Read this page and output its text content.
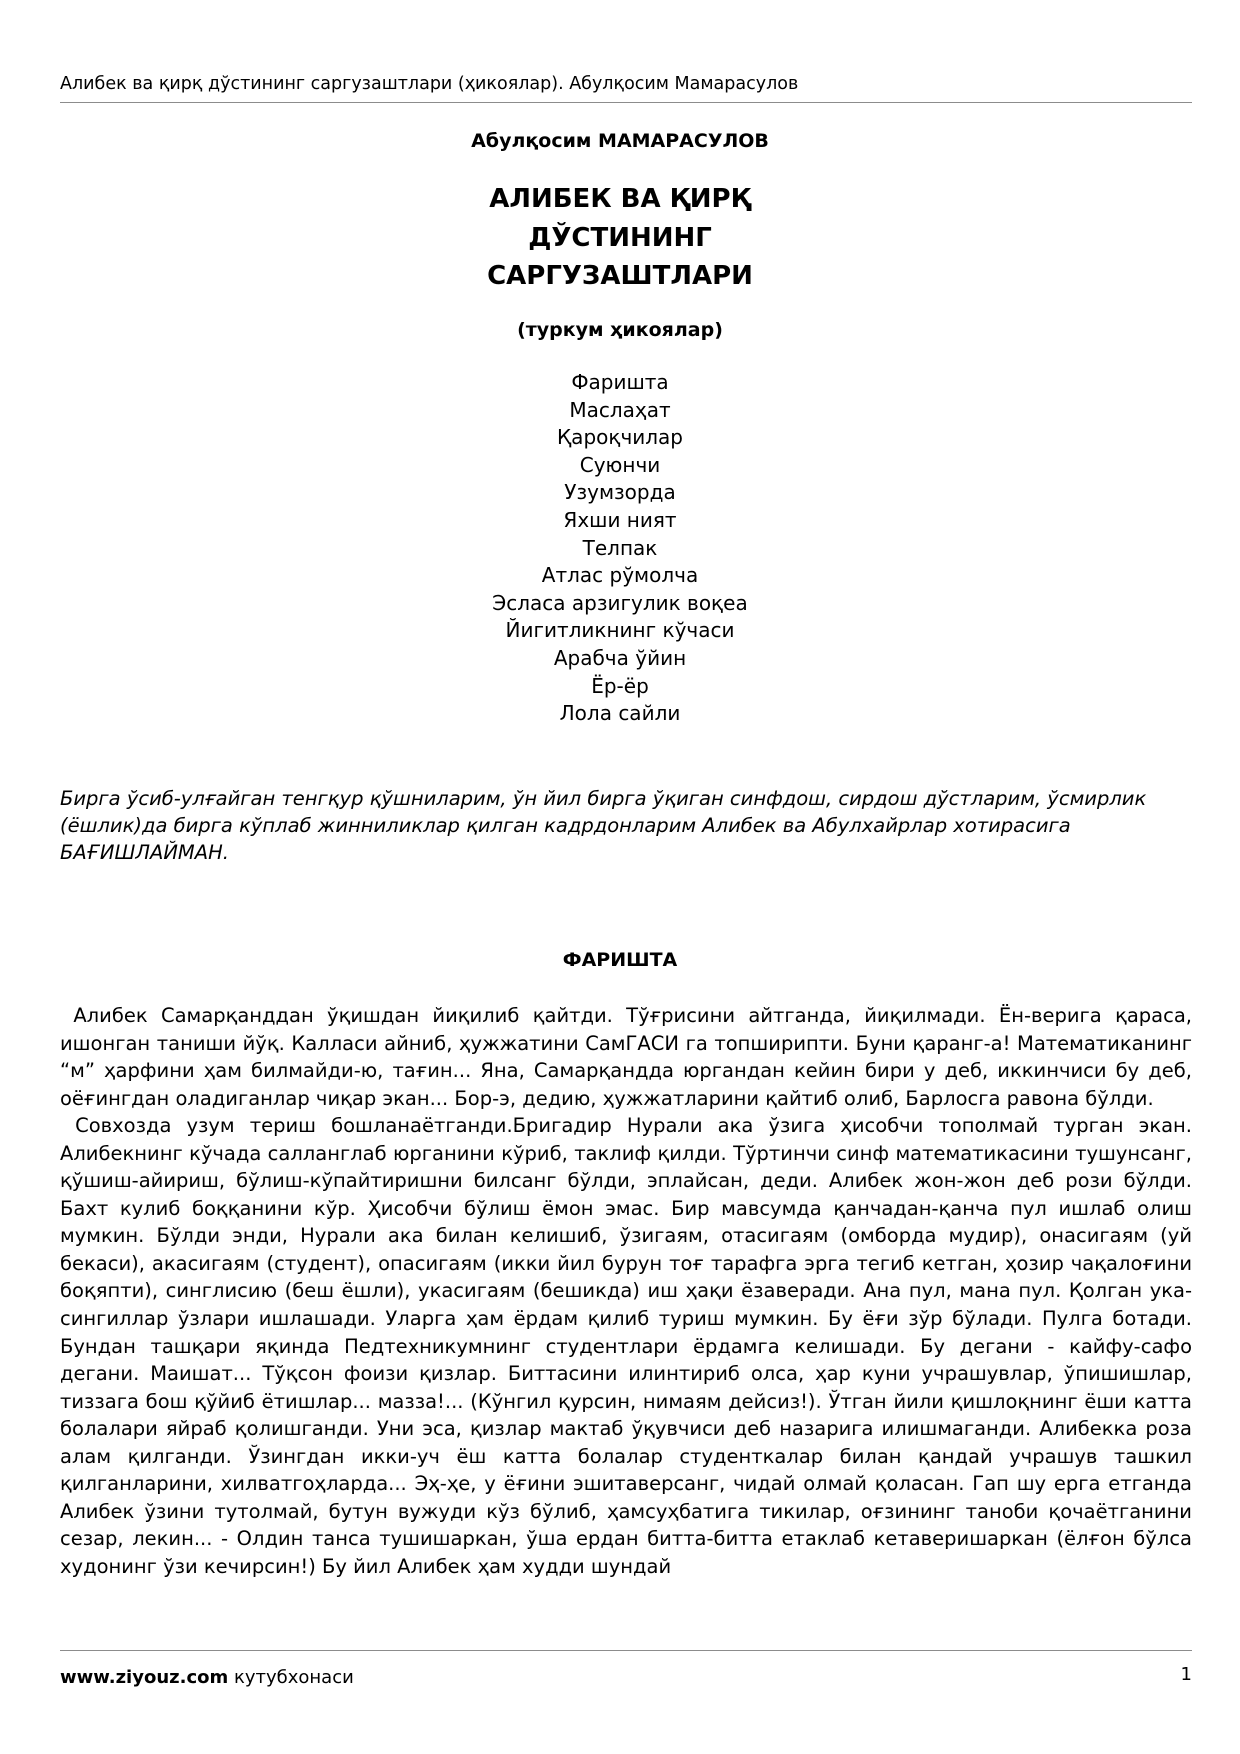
Алибек ва қирқ дўстининг саргузаштлари (ҳикоялар). Абулқосим Мамарасулов
Абулқосим МАМАРАСУЛОВ
АЛИБЕК ВА ҚИРҚ
ДЎСТИНИНГ
САРГУЗАШТЛАРИ
(туркум ҳикоялар)
Фаришта
Маслаҳат
Қароқчилар
Суюнчи
Узумзорда
Яхши ният
Телпак
Атлас рўмолча
Эсласа арзигулик воқеа
Йигитликнинг кўчаси
Арабча ўйин
Ёр-ёр
Лола сайли
Бирга ўсиб-улғайган тенгқур қўшниларим, ўн йил бирга ўқиган синфдош, сирдош дўстларим, ўсмирлик (ёшлик)да бирга кўплаб жинниликлар қилган кадрдонларим Алибек ва Абулхайрлар хотирасига БАҒИШЛАЙМАН.
ФАРИШТА

Алибек Самарқанддан ўқишдан йиқилиб қайтди. Тўғрисини айтганда, йиқилмади. Ён-верига қараса, ишонган таниши йўқ. Калласи айниб, ҳужжатини СамГАСИ га топширипти. Буни қаранг-а! Математиканинг “м” ҳарфини ҳам билмайди-ю, тағин... Яна, Самарқандда юргандан кейин бири у деб, иккинчиси бу деб, оёғингдан оладиганлар чиқар экан... Бор-э, дедию, ҳужжатларини қайтиб олиб, Барлосга равона бўлди.

Совхозда узум териш бошланаётганди.Бригадир Нурали ака ўзига ҳисобчи тополмай турган экан. Алибекнинг кўчада салланглаб юрганини кўриб, таклиф қилди. Тўртинчи синф математикасини тушунсанг, қўшиш-айириш, бўлиш-кўпайтиришни билсанг бўлди, эплайсан, деди. Алибек жон-жон деб рози бўлди. Бахт кулиб боққанини кўр. Ҳисобчи бўлиш ёмон эмас. Бир мавсумда қанчадан-қанча пул ишлаб олиш мумкин. Бўлди энди, Нурали ака билан келишиб, ўзигаям, отасигаям (омборда мудир), онасигаям (уй бекаси), акасигаям (студент), опасигаям (икки йил бурун тоғ тарафга эрга тегиб кетган, ҳозир чақалоғини боқяпти), синглисию (беш ёшли), укасигаям (бешикда) иш ҳақи ёзаверади. Ана пул, мана пул. Қолган ука-сингиллар ўзлари ишлашади. Уларга ҳам ёрдам қилиб туриш мумкин. Бу ёғи зўр бўлади. Пулга ботади. Бундан ташқари яқинда Педтехникумнинг студентлари ёрдамга келишади. Бу дегани - кайфу-сафо дегани. Маишат... Тўқсон фоизи қизлар. Биттасини илинтириб олса, ҳар куни учрашувлар, ўпишишлар, тиззага бош қўйиб ётишлар... мазза!... (Кўнгил қурсин, нимаям дейсиз!). Ўтган йили қишлоқнинг ёши катта болалари яйраб қолишганди. Уни эса, қизлар мактаб ўқувчиси деб назарига илишмаганди. Алибекка роза алам қилганди. Ўзингдан икки-уч ёш катта болалар студенткалар билан қандай учрашув ташкил қилганларини, хилватгоҳларда... Эҳ-ҳе, у ёғини эшитаверсанг, чидай олмай қоласан. Гап шу ерга етганда Алибек ўзини тутолмай, бутун вужуди кўз бўлиб, ҳамсуҳбатига тикилар, оғзининг таноби қочаётганини сезар, лекин... - Олдин танса тушишаркан, ўша ердан битта-битта етаклаб кетаверишаркан (ёлғон бўлса худонинг ўзи кечирсин!) Бу йил Алибек ҳам худди шундай

www.ziyouz.com кутубхонаси	1
